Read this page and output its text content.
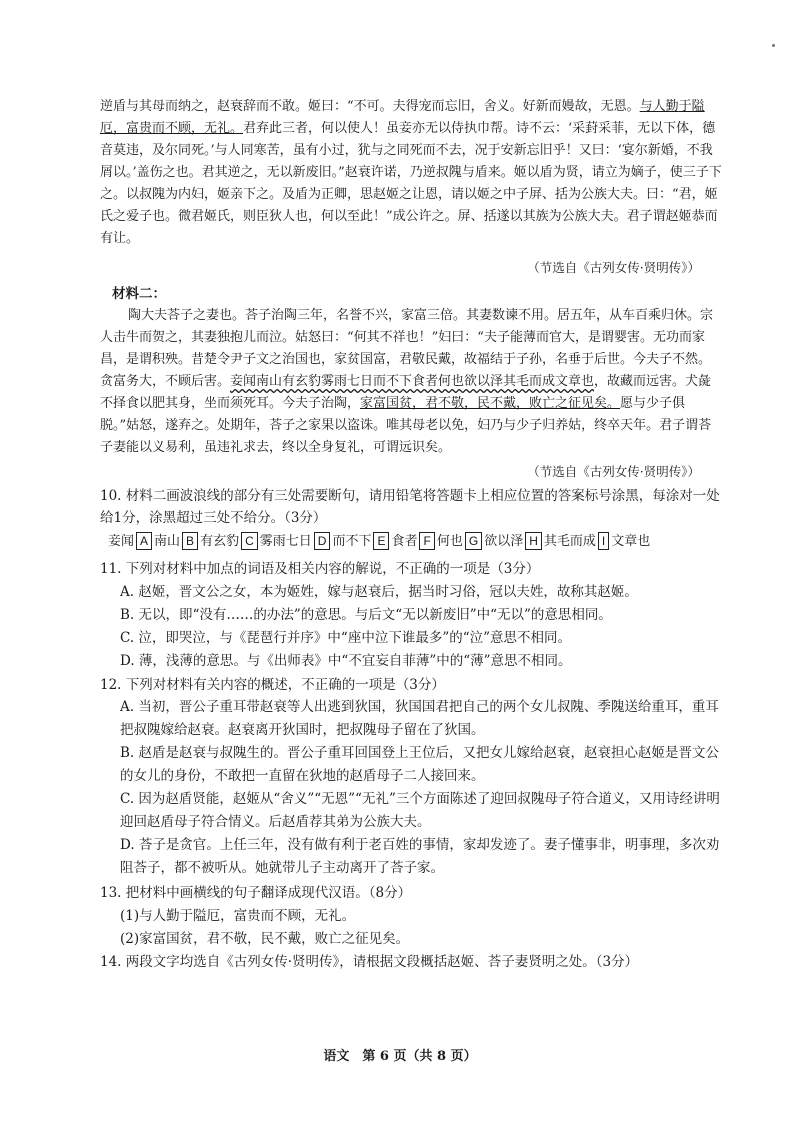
逆盾与其母而纳之，赵衰辞而不敢。姬曰：“不可。夫得宠而忘旧，舍义。好新而嫚故，无恩。与人勤于隘厄，富贵而不顾，无礼。君弃此三者，何以使人！虽妾亦无以侍执巾帮。诗不云：‘采葑采菲，无以下体，德音莫违，及尔同死。’与人同寒苦，虽有小过，犹与之同死而不去，况于安新忘旧乎！又曰：‘宴尔新婚，不我屑以。’盖伤之也。君其逆之，无以新废旧。”赵衰许诺，乃逆叔隗与盾来。姬以盾为贤，请立为嫡子，使三子下之。以叔隗为内妇，姬亲下之。及盾为正卿，思赵姬之让恩，请以姬之中子屏、括为公族大夫。曰：“君，姬氏之爱子也。微君姬氏，则臣狄人也，何以至此！”成公许之。屏、括遂以其族为公族大夫。君子谓赵姬恭而有让。

（节选自《古列女传·贤明传》）
材料二：

陶大夫荅子之妻也。荅子治陶三年，名誉不兴，家富三倍。其妻数谏不用。居五年，从车百乘归休。宗人击牛而贺之，其妻独抱儿而泣。姑怒曰：“何其不祥也！”妇曰：“夫子能薄而官大，是谓婴害。无功而家昌，是谓积殃。昔楚令尹子文之治国也，家贫国富，君敬民戴，故福结于子孙，名垂于后世。今夫子不然。贪富务大，不顾后害。妾闻南山有玄豹雾雨七日而不下食者何也欲以泽其毛而成文章也，故藏而远害。犬彘不择食以肥其身，坐而须死耳。今夫子治陶，家富国贫，君不敬，民不戴，败亡之征见矣。愿与少子俱脱。”姑怒，遂弃之。处期年，荅子之家果以盗诛。唯其母老以免，妇乃与少子归养姑，终卒天年。君子谓荅子妻能以义易利，虽违礼求去，终以全身复礼，可谓远识矣。

（节选自《古列女传·贤明传》）
10. 材料二画波浪线的部分有三处需要断句，请用铅笔将答题卡上相应位置的答案标号涂黑，每涂对一处给1分，涂黑超过三处不给分。（3分）
妾闻 A 南山 B 有玄豹 C 雾雨七日 D 而不下 E 食者 F 何也 G 欲以泽 H 其毛而成 I 文章也
11. 下列对材料中加点的词语及相关内容的解说，不正确的一项是（3分）
A. 赵姬，晋文公之女，本为姬姓，嫁与赵衰后，据当时习俗，冠以夫姓，故称其赵姬。
B. 无以，即“没有……的办法”的意思。与后文“无以新废旧”中“无以”的意思相同。
C. 泣，即哭泣，与《琵琶行并序》中“座中泣下谁最多”的“泣”意思不相同。
D. 薄，浅薄的意思。与《出师表》中“不宜妄自菲薄”中的“薄”意思不相同。
12. 下列对材料有关内容的概述，不正确的一项是（3分）
A. 当初，晋公子重耳带赵衰等人出逃到狄国，狄国国君把自己的两个女儿叔隗、季隗送给重耳，重耳把叔隗嫁给赵衰。赵衰离开狄国时，把叔隗母子留在了狄国。
B. 赵盾是赵衰与叔隗生的。晋公子重耳回国登上王位后，又把女儿嫁给赵衰，赵衰担心赵姬是晋文公的女儿的身份，不敢把一直留在狄地的赵盾母子二人接回来。
C. 因为赵盾贤能，赵姬从“舍义”“无恩”“无礼”三个方面陈述了迎回叔隗母子符合道义，又用诗经讲明迎回赵盾母子符合情义。后赵盾荐其弟为公族大夫。
D. 荅子是贪官。上任三年，没有做有利于老百姓的事情，家却发迹了。妻子懂事非，明事理，多次劝阻荅子，都不被听从。她就带儿子主动离开了荅子家。
13. 把材料中画横线的句子翻译成现代汉语。（8分）
(1)与人勤于隘厄，富贵而不顾，无礼。
(2)家富国贫，君不敬，民不戴，败亡之征见矣。
14. 两段文字均选自《古列女传·贤明传》，请根据文段概括赵姬、荅子妻贤明之处。（3分）
语文　第 6 页（共 8 页）
